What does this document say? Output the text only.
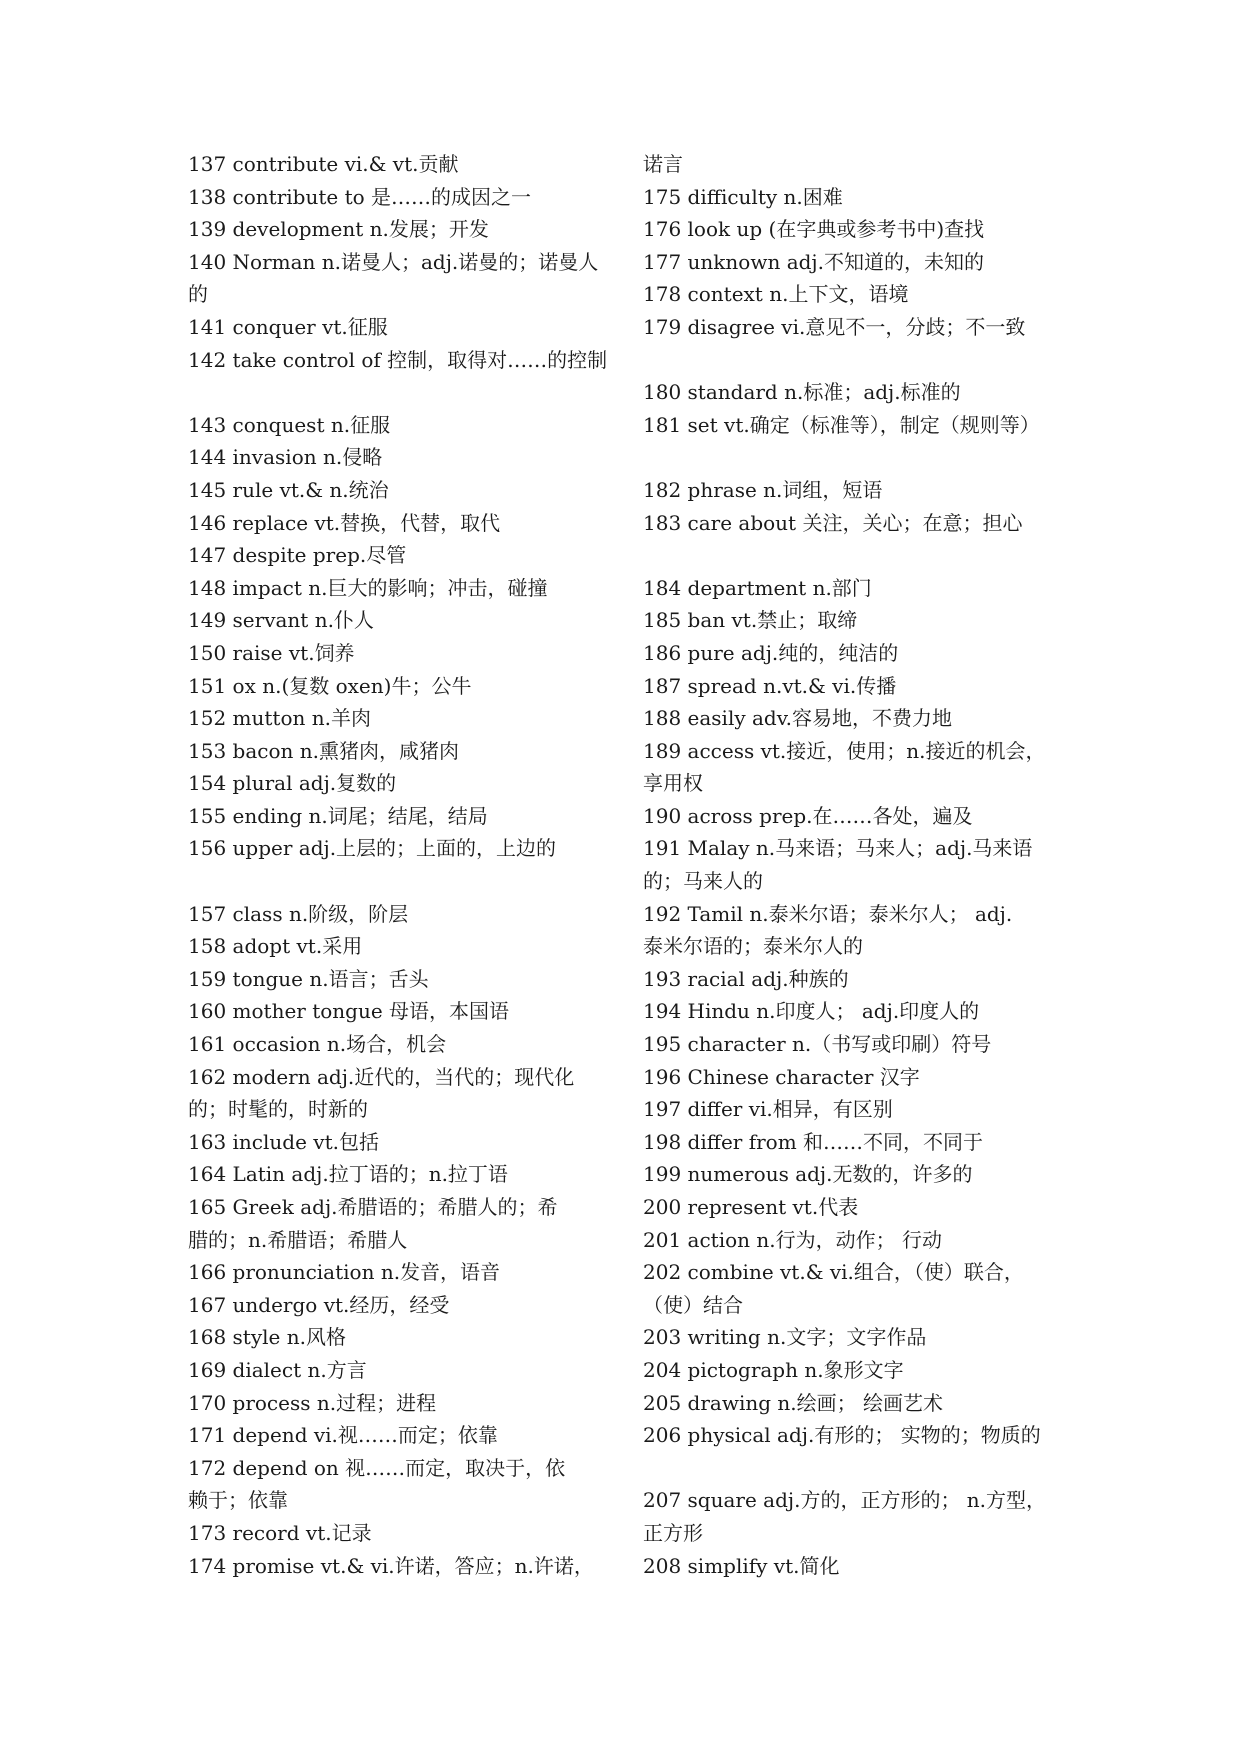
137 contribute vi.& vt.贡献
138 contribute to 是……的成因之一
139 development n.发展；开发
140 Norman n.诺曼人；adj.诺曼的；诺曼人
的
141 conquer vt.征服
142 take control of 控制，取得对……的控制
143 conquest n.征服
144 invasion n.侵略
145 rule vt.& n.统治
146 replace vt.替换，代替，取代
147 despite prep.尽管
148 impact n.巨大的影响；冲击，碰撞
149 servant n.仆人
150 raise vt.饲养
151 ox n.(复数 oxen)牛；公牛
152 mutton n.羊肉
153 bacon n.熏猪肉，咸猪肉
154 plural adj.复数的
155 ending n.词尾；结尾，结局
156 upper adj.上层的；上面的，上边的
157 class n.阶级，阶层
158 adopt vt.采用
159 tongue n.语言；舌头
160 mother tongue 母语，本国语
161 occasion n.场合，机会
162 modern adj.近代的，当代的；现代化
的；时髦的，时新的
163 include vt.包括
164 Latin adj.拉丁语的；n.拉丁语
165 Greek adj.希腊语的；希腊人的；希
腊的；n.希腊语；希腊人
166 pronunciation n.发音，语音
167 undergo vt.经历，经受
168 style n.风格
169 dialect n.方言
170 process n.过程；进程
171 depend vi.视……而定；依靠
172 depend on 视……而定，取决于，依
赖于；依靠
173 record vt.记录
174 promise vt.& vi.许诺，答应；n.许诺，
诺言
175 difficulty n.困难
176 look up (在字典或参考书中)查找
177 unknown adj.不知道的，未知的
178 context n.上下文，语境
179 disagree vi.意见不一，分歧；不一致
180 standard n.标准；adj.标准的
181 set vt.确定（标准等），制定（规则等）
182 phrase n.词组，短语
183 care about 关注，关心；在意；担心
184 department n.部门
185 ban vt.禁止；取缔
186 pure adj.纯的，纯洁的
187 spread n.vt.& vi.传播
188 easily adv.容易地，不费力地
189 access vt.接近，使用；n.接近的机会，
享用权
190 across prep.在……各处，遍及
191 Malay n.马来语；马来人；adj.马来语
的；马来人的
192 Tamil n.泰米尔语；泰米尔人； adj.
泰米尔语的；泰米尔人的
193 racial adj.种族的
194 Hindu n.印度人； adj.印度人的
195 character n.（书写或印刷）符号
196 Chinese character 汉字
197 differ vi.相异，有区别
198 differ from 和……不同，不同于
199 numerous adj.无数的，许多的
200 represent vt.代表
201 action n.行为，动作； 行动
202 combine vt.& vi.组合，（使）联合，
（使）结合
203 writing n.文字；文字作品
204 pictograph n.象形文字
205 drawing n.绘画； 绘画艺术
206 physical adj.有形的； 实物的；物质的
207 square adj.方的，正方形的； n.方型，
正方形
208 simplify vt.简化
